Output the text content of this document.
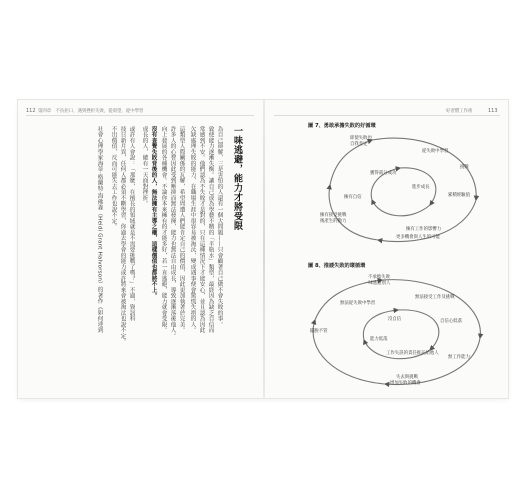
112 第四章　不抗拒口，遇到挫折失敗，從渴望，從中學習
一味逃避，能力才將受限
為自己辯解，三是害怕的人還有一個大問題——只會顧著自己做不會失敗的事。
致使能力逐漸失衡。讓自己成為學藝不精的「半瓶水」類型，最終因為缺乏自信而
常感到不安。他們認為不失敗才是對的，只在這種情況下才能安心，並且認為因此
欠缺處理失敗的能力，在職場生涯中很容易被淘汰，變成遇事便會驚慌失措的人。
這類型人際關係的瓦解，希望周遭人們能肯定自己的價值，因此更加執著於完美。
許多人的心智因此受到壓抑而無法發揮，能力也無法自由成長，導致逐漸落後他人。
向上發展的各種機會。不論你本來擁有的才能多好，若一直逃避，能力就會受限。
沒有查覺失敗背後的人，無法擁有主導之權，這樣價值也都將不上。
成長的人，總有一天面對挫折。
或許有人會說：「那麼，在擅長的領域就是不需要挑戰了嗎？」不過，資訊科
技日新月異，任何人都必須不斷學習，你過去學會的能力或許將來會被淘汰也說不定。
不出價值，反而可能失去工作也說不定。
社會心理學家海蒂·格蘭特·海佛森（Heidi Grant Halvorson）的著作《如何達到
好習慣工作術	113
圖 7、勇敢承擔失敗的好循環
即使失敗也
自我肯定
從失敗中學習
挑戰
進步成長
累積經驗值
擁有自信
獲得部分成功
更多機會與人生的可能
擁有工作的影響力
擁有接受挑戰
後產生的動力
圖 8、推諉失敗的壞循環
不承擔失敗
一味逃避別人
無法接受工作及挑戰
無法從失敗中學習
沒自信	自信心低落
能力低落
擺脫不管
無工作能力
工作失誤的責任推託給他人
失去與挑戰
增加失敗的機會
